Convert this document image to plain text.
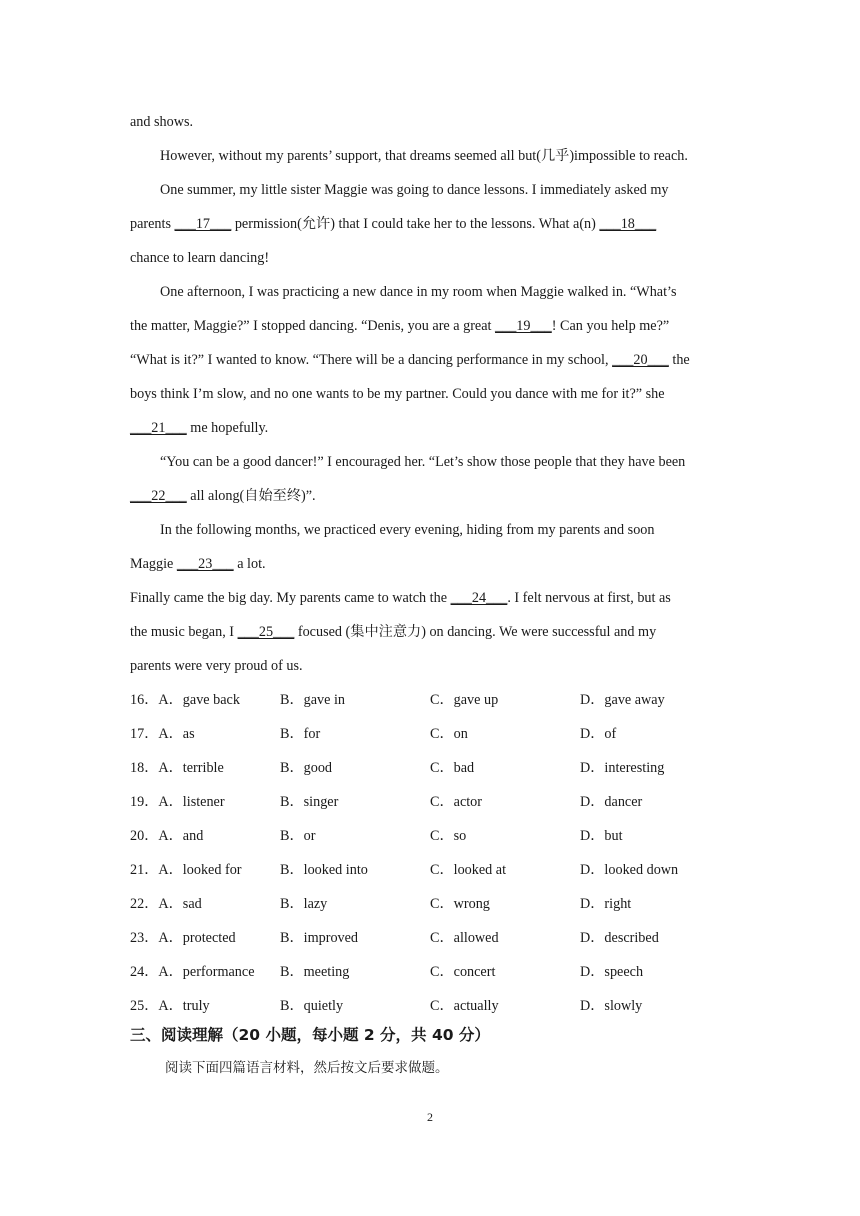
and shows.
However, without my parents’ support, that dreams seemed all but(几乎)impossible to reach.
One summer, my little sister Maggie was going to dance lessons. I immediately asked my
parents ___17___ permission(允许) that I could take her to the lessons. What a(n) ___18___
chance to learn dancing!
One afternoon, I was practicing a new dance in my room when Maggie walked in. “What’s
the matter, Maggie?” I stopped dancing. “Denis, you are a great ___19___! Can you help me?”
“What is it?” I wanted to know. “There will be a dancing performance in my school, ___20___ the
boys think I’m slow, and no one wants to be my partner. Could you dance with me for it?” she
___21___ me hopefully.
“You can be a good dancer!” I encouraged her. “Let’s show those people that they have been
___22___ all along(自始至终)”.
In the following months, we practiced every evening, hiding from my parents and soon
Maggie ___23___ a lot.
Finally came the big day. My parents came to watch the ___24___. I felt nervous at first, but as
the music began, I ___25___ focused (集中注意力) on dancing. We were successful and my
parents were very proud of us.
16．A．gave back	B．gave in	C．gave up	D．gave away
17．A．as	B．for	C．on	D．of
18．A．terrible	B．good	C．bad	D．interesting
19．A．listener	B．singer	C．actor	D．dancer
20．A．and	B．or	C．so	D．but
21．A．looked for	B．looked into	C．looked at	D．looked down
22．A．sad	B．lazy	C．wrong	D．right
23．A．protected	B．improved	C．allowed	D．described
24．A．performance B．meeting	C．concert	D．speech
25．A．truly	B．quietly	C．actually	D．slowly
三、阅读理解（20 小题，每小题 2 分，共 40 分）
阅读下面四篇语言材料，然后按文后要求做题。
2
